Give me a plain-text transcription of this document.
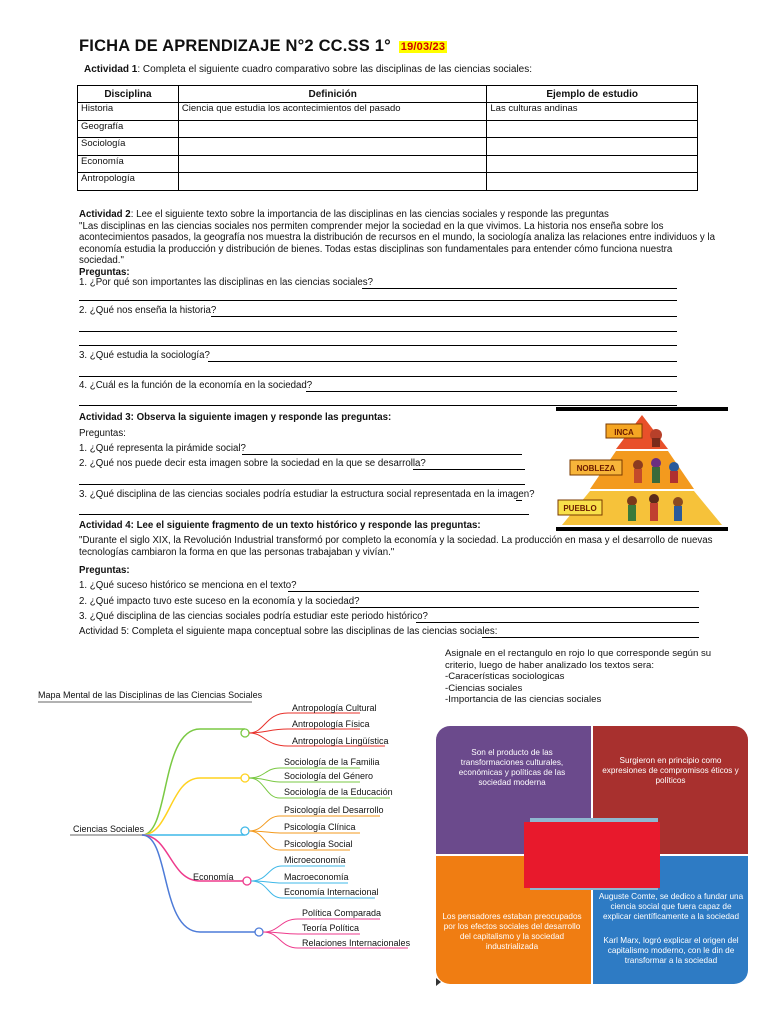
FICHA DE APRENDIZAJE N°2 CC.SS 1° 19/03/23
Actividad 1: Completa el siguiente cuadro comparativo sobre las disciplinas de las ciencias sociales:
Disciplina	Definición	Ejemplo de estudio
Historia	Ciencia que estudia los acontecimientos del pasado	Las culturas andinas
Geografía		
Sociología		
Economía		
Antropología		
Actividad 2: Lee el siguiente texto sobre la importancia de las disciplinas en las ciencias sociales y responde las preguntas
"Las disciplinas en las ciencias sociales nos permiten comprender mejor la sociedad en la que vivimos. La historia nos enseña sobre los acontecimientos pasados, la geografía nos muestra la distribución de recursos en el mundo, la sociología analiza las relaciones entre individuos y la economía estudia la producción y distribución de bienes. Todas estas disciplinas son fundamentales para entender cómo funciona nuestra sociedad."
Preguntas:
1. ¿Por qué son importantes las disciplinas en las ciencias sociales?
2. ¿Qué nos enseña la historia?
3. ¿Qué estudia la sociología?
4. ¿Cuál es la función de la economía en la sociedad?
Actividad 3: Observa la siguiente imagen y responde las preguntas:
Preguntas:
1. ¿Qué representa la pirámide social?
2. ¿Qué nos puede decir esta imagen sobre la sociedad en la que se desarrolla?
3. ¿Qué disciplina de las ciencias sociales podría estudiar la estructura social representada en la imagen?
INCA
NOBLEZA
PUEBLO
Actividad 4: Lee el siguiente fragmento de un texto histórico y responde las preguntas:
"Durante el siglo XIX, la Revolución Industrial transformó por completo la economía y la sociedad. La producción en masa y el desarrollo de nuevas tecnologías cambiaron la forma en que las personas trabajaban y vivían."
Preguntas:
1. ¿Qué suceso histórico se menciona en el texto?
2. ¿Qué impacto tuvo este suceso en la economía y la sociedad?
3. ¿Qué disciplina de las ciencias sociales podría estudiar este periodo histórico?
Actividad 5: Completa el siguiente mapa conceptual sobre las disciplinas de las ciencias sociales:
Asignale en el rectangulo en rojo lo que corresponde según su criterio, luego de haber analizado los textos sera:
-Caracerísticas sociologicas
-Ciencias sociales
-Importancia de las ciencias sociales
Mapa Mental de las Disciplinas de las Ciencias Sociales
Ciencias Sociales
Economía
Antropología Cultural
Antropología Física
Antropología Lingüística
Sociología de la Familia
Sociología del Género
Sociología de la Educación
Psicología del Desarrollo
Psicología Clínica
Psicología Social
Microeconomía
Macroeconomía
Economía Internacional
Política Comparada
Teoría Política
Relaciones Internacionales
Son el producto de las transformaciones culturales, económicas y políticas de las sociedad moderna
Surgieron en principio como expresiones de compromisos éticos y políticos
Los pensadores estaban preocupados por los efectos sociales del desarrollo del capitalismo y la sociedad industrializada
Auguste Comte, se dedico a fundar una ciencia social que fuera capaz de explicar científicamente a la sociedad
Karl Marx, logró explicar el origen del capitalismo moderno, con le din de transformar a la sociedad
